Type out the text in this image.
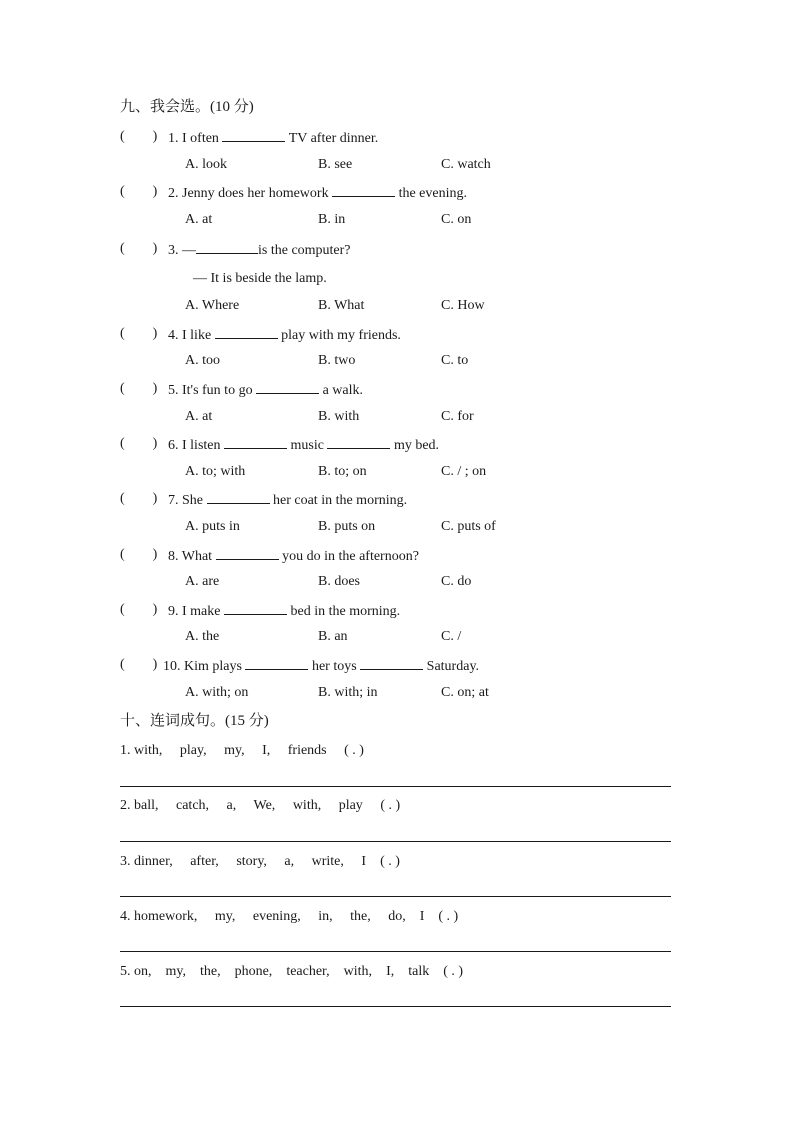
九、我会选。(10 分)
(        ) 1. I often	TV after dinner.
A. look	B. see	C. watch
(        ) 2. Jenny does her homework	the evening.
A. at	B. in	C. on
(        ) 3. —	is the computer?
— It is beside the lamp.
A. Where	B. What	C. How
(        ) 4. I like	play with my friends.
A. too	B. two	C. to
(        ) 5. It's fun to go	a walk.
A. at	B. with	C. for
(        ) 6. I listen	music	my bed.
A. to; with	B. to; on	C. / ; on
(        ) 7. She	her coat in the morning.
A. puts in	B. puts on	C. puts of
(        ) 8. What	you do in the afternoon?
A. are	B. does	C. do
(        ) 9. I make	bed in the morning.
A. the	B. an	C. /
(        ) 10. Kim plays	her toys	Saturday.
A. with; on	B. with; in	C. on; at
十、连词成句。(15 分)
1. with, play, my, I, friends ( . )
2. ball, catch, a, We, with, play ( . )
3. dinner, after, story, a, write, I ( . )
4. homework, my, evening, in, the, do, I ( . )
5. on, my, the, phone, teacher, with, I, talk ( . )
